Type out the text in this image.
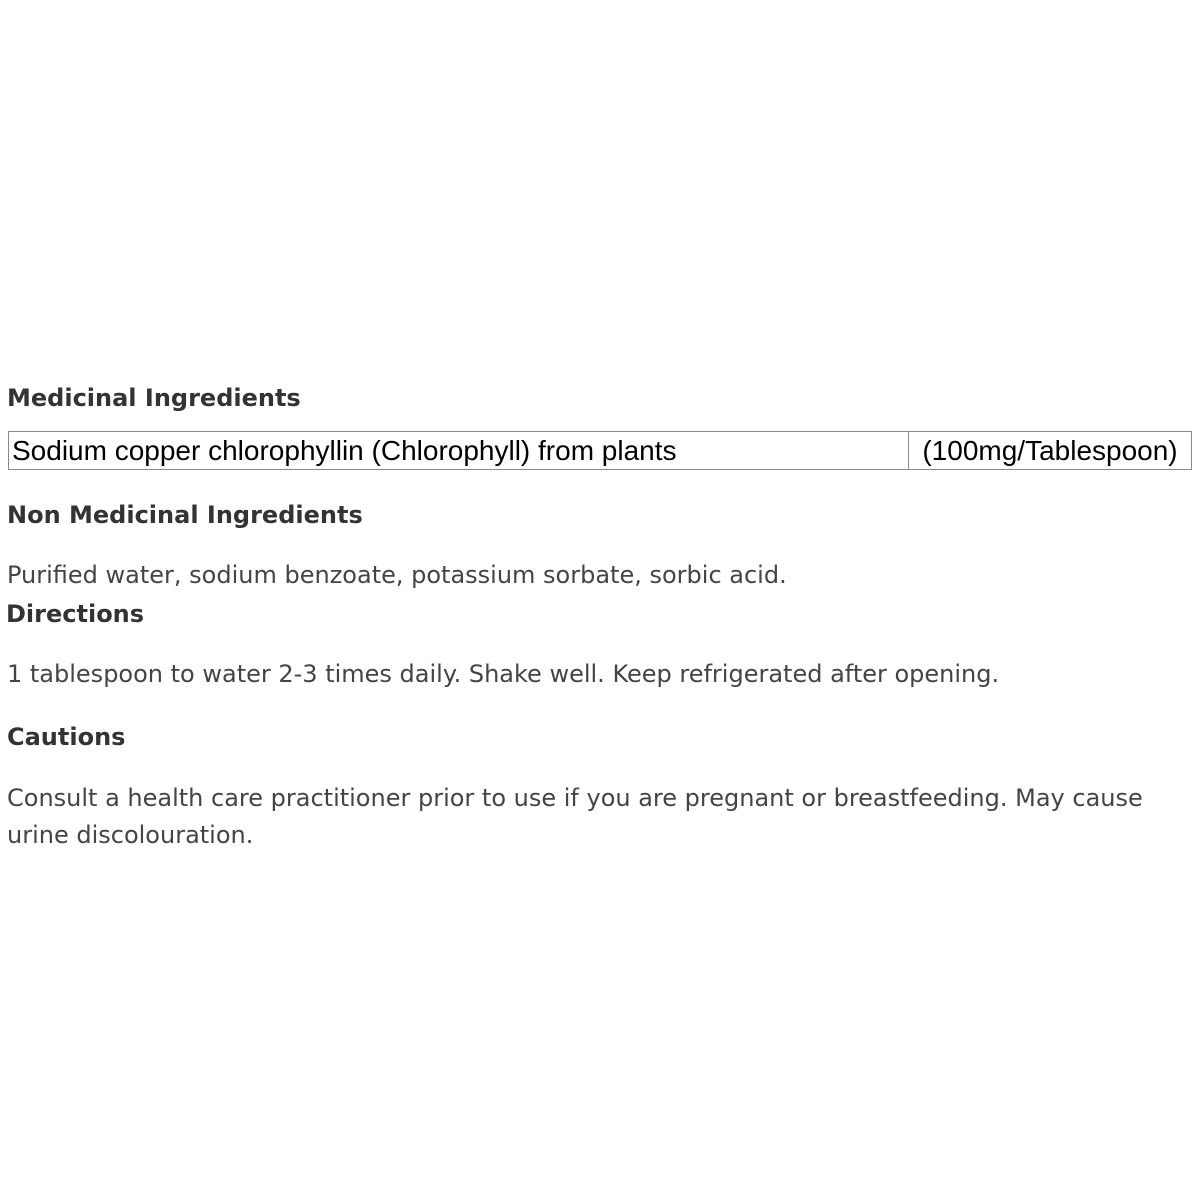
Medicinal Ingredients
Sodium copper chlorophyllin (Chlorophyll) from plants	(100mg/Tablespoon)
Non Medicinal Ingredients

Purified water, sodium benzoate, potassium sorbate, sorbic acid.

Directions

1 tablespoon to water 2-3 times daily. Shake well. Keep refrigerated after opening.

Cautions

Consult a health care practitioner prior to use if you are pregnant or breastfeeding. May cause urine discolouration.
